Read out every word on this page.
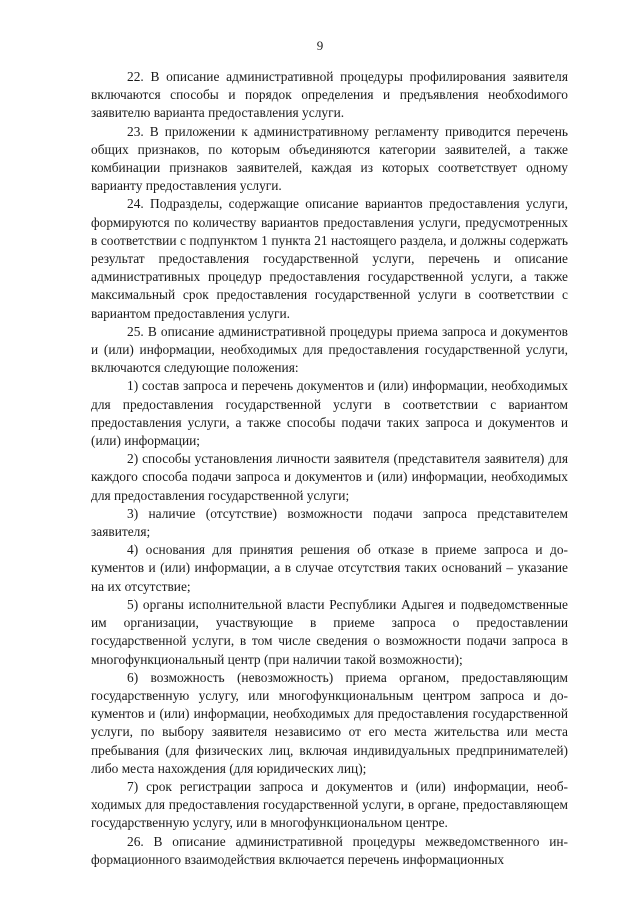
9

22. В описание административной процедуры профилирования заявителя включаются способы и порядок определения и предъявления необхоdимого заявителю варианта предоставления услуги.

23. В приложении к административному регламенту приводится перечень общих признаков, по которым объединяются категории заявителей, а также комбинации признаков заявителей, каждая из которых соответствует одному варианту предоставления услуги.

24. Подразделы, содержащие описание вариантов предоставления услуги, формируются по количеству вариантов предоставления услуги, предусмотренных в соответствии с подпунктом 1 пункта 21 настоящего раздела, и должны содержать результат предоставления государственной услуги, перечень и описание административных процедур предоставления государственной услуги, а также максимальный срок предоставления государственной услуги в соответствии с вариантом предоставления услуги.

25. В описание административной процедуры приема запроса и документов и (или) информации, необходимых для предоставления государственной услуги, включаются следующие положения:

1) состав запроса и перечень документов и (или) информации, необходимых для предоставления государственной услуги в соответствии с вариантом предоставления услуги, а также способы подачи таких запроса и документов и (или) информации;

2) способы установления личности заявителя (представителя заявителя) для каждого способа подачи запроса и документов и (или) информации, необходимых для предоставления государственной услуги;

3) наличие (отсутствие) возможности подачи запроса представителем заявителя;

4) основания для принятия решения об отказе в приеме запроса и документов и (или) информации, а в случае отсутствия таких оснований – указание на их отсутствие;

5) органы исполнительной власти Республики Адыгея и подведомственные им организации, участвующие в приеме запроса о предоставлении государственной услуги, в том числе сведения о возможности подачи запроса в многофункциональный центр (при наличии такой возможности);

6) возможность (невозможность) приема органом, предоставляющим государственную услугу, или многофункциональным центром запроса и документов и (или) информации, необходимых для предоставления государственной услуги, по выбору заявителя независимо от его места жительства или места пребывания (для физических лиц, включая индивидуальных предпринимателей) либо места нахождения (для юридических лиц);

7) срок регистрации запроса и документов и (или) информации, необходимых для предоставления государственной услуги, в органе, предоставляющем государственную услугу, или в многофункциональном центре.

26. В описание административной процедуры межведомственного информационного взаимодействия включается перечень информационных
